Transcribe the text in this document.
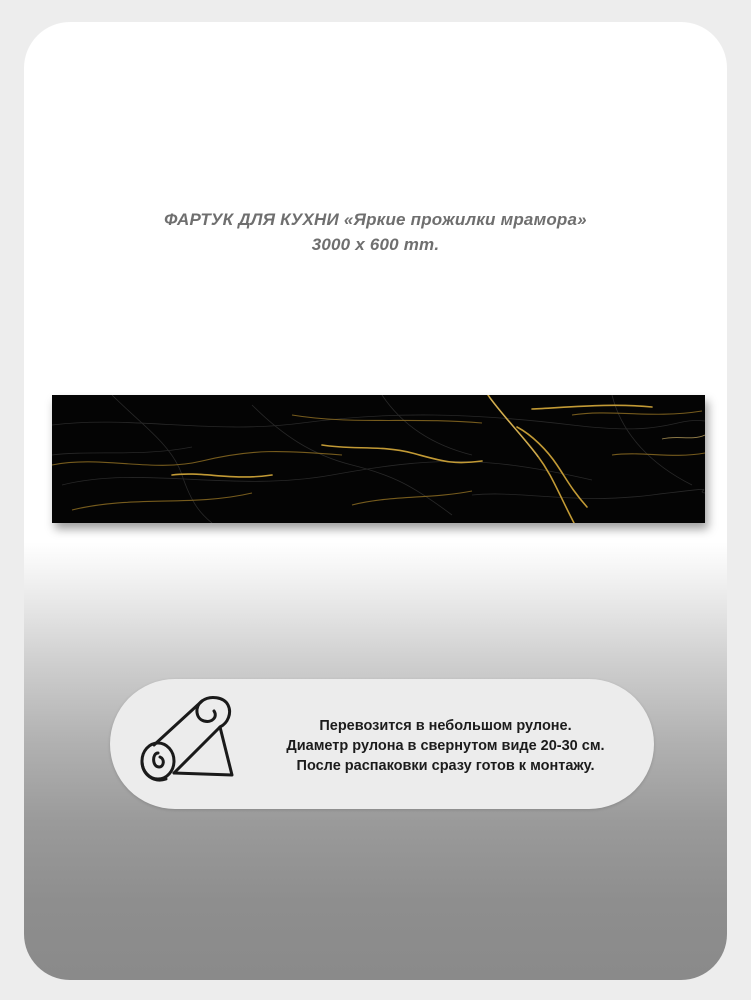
ФАРТУК ДЛЯ КУХНИ «Яркие прожилки мрамора»
3000 x 600 mm.
Перевозится в небольшом рулоне.
Диаметр рулона в свернутом виде 20-30 см.
После распаковки сразу готов к монтажу.
